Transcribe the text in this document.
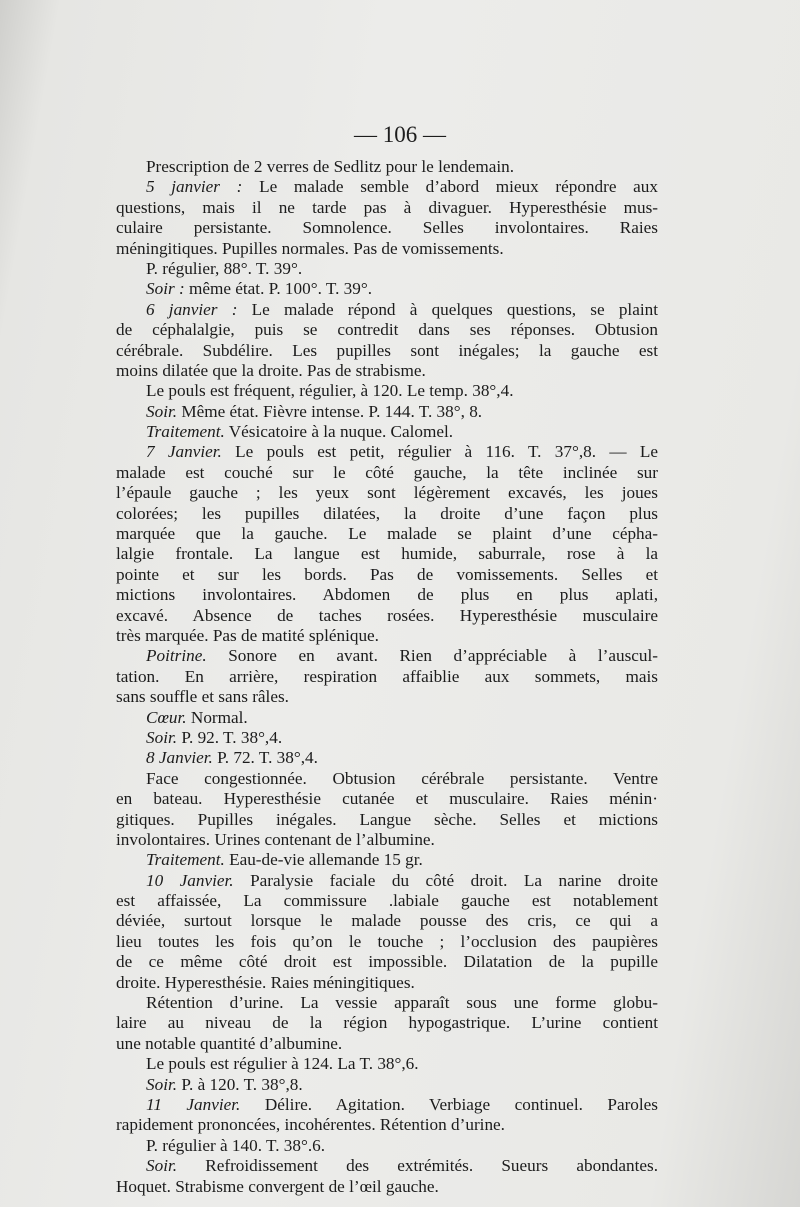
— 106 —
Prescription de 2 verres de Sedlitz pour le lendemain.
5 janvier : Le malade semble d’abord mieux répondre aux
questions, mais il ne tarde pas à divaguer. Hyperesthésie mus-
culaire persistante. Somnolence. Selles involontaires. Raies
méningitiques. Pupilles normales. Pas de vomissements.
P. régulier, 88°. T. 39°.
Soir : même état. P. 100°. T. 39°.
6 janvier : Le malade répond à quelques questions, se plaint
de céphalalgie, puis se contredit dans ses réponses. Obtusion
cérébrale. Subdélire. Les pupilles sont inégales; la gauche est
moins dilatée que la droite. Pas de strabisme.
Le pouls est fréquent, régulier, à 120. Le temp. 38°,4.
Soir. Même état. Fièvre intense. P. 144. T. 38°, 8.
Traitement. Vésicatoire à la nuque. Calomel.
7 Janvier. Le pouls est petit, régulier à 116. T. 37°,8. — Le
malade est couché sur le côté gauche, la tête inclinée sur
l’épaule gauche ; les yeux sont légèrement excavés, les joues
colorées; les pupilles dilatées, la droite d’une façon plus
marquée que la gauche. Le malade se plaint d’une cépha-
lalgie frontale. La langue est humide, saburrale, rose à la
pointe et sur les bords. Pas de vomissements. Selles et
mictions involontaires. Abdomen de plus en plus aplati,
excavé. Absence de taches rosées. Hyperesthésie musculaire
très marquée. Pas de matité splénique.
Poitrine. Sonore en avant. Rien d’appréciable à l’auscul-
tation. En arrière, respiration affaiblie aux sommets, mais
sans souffle et sans râles.
Cœur. Normal.
Soir. P. 92. T. 38°,4.
8 Janvier. P. 72. T. 38°,4.
Face congestionnée. Obtusion cérébrale persistante. Ventre
en bateau. Hyperesthésie cutanée et musculaire. Raies ménin·
gitiques. Pupilles inégales. Langue sèche. Selles et mictions
involontaires. Urines contenant de l’albumine.
Traitement. Eau-de-vie allemande 15 gr.
10 Janvier. Paralysie faciale du côté droit. La narine droite
est affaissée, La commissure .labiale gauche est notablement
déviée, surtout lorsque le malade pousse des cris, ce qui a
lieu toutes les fois qu’on le touche ; l’occlusion des paupières
de ce même côté droit est impossible. Dilatation de la pupille
droite. Hyperesthésie. Raies méningitiques.
Rétention d’urine. La vessie apparaît sous une forme globu-
laire au niveau de la région hypogastrique. L’urine contient
une notable quantité d’albumine.
Le pouls est régulier à 124. La T. 38°,6.
Soir. P. à 120. T. 38°,8.
11 Janvier. Délire. Agitation. Verbiage continuel. Paroles
rapidement prononcées, incohérentes. Rétention d’urine.
P. régulier à 140. T. 38°.6.
Soir. Refroidissement des extrémités. Sueurs abondantes.
Hoquet. Strabisme convergent de l’œil gauche.
